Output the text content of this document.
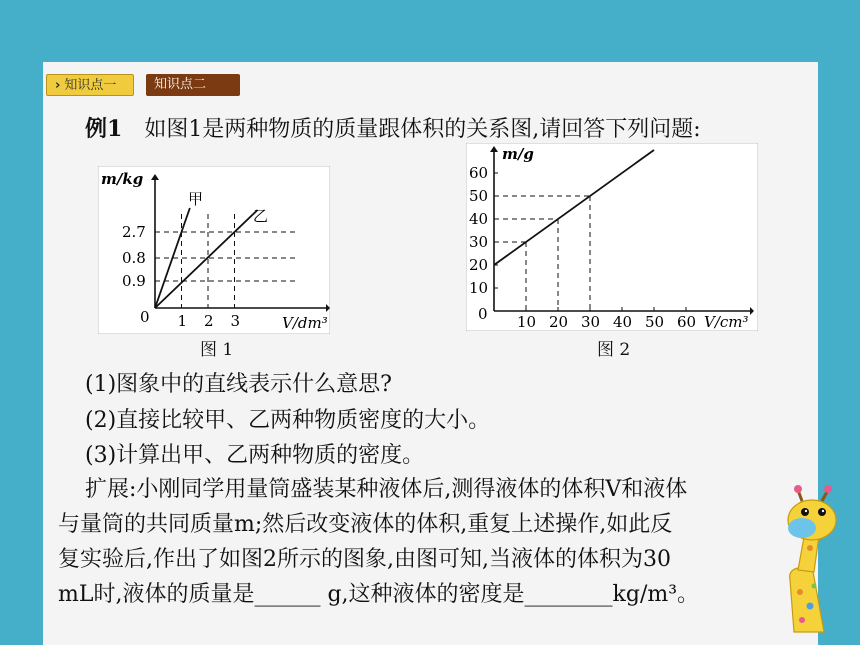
› 知识点一	知识点二
例1 如图1是两种物质的质量跟体积的关系图,请回答下列问题:
m/kg
V/dm³
0 1 2 3
0.9
0.8
2.7
甲
乙
图 1
m/g
V/cm³
0 10 20 30 40 50 60
10
20
30
40
50
60
图 2
(1)图象中的直线表示什么意思?
(2)直接比较甲、乙两种物质密度的大小。
(3)计算出甲、乙两种物质的密度。

扩展:小刚同学用量筒盛装某种液体后,测得液体的体积V和液体

与量筒的共同质量m;然后改变液体的体积,重复上述操作,如此反

复实验后,作出了如图2所示的图象,由图可知,当液体的体积为30

mL时,液体的质量是______ g,这种液体的密度是________kg/m³。
